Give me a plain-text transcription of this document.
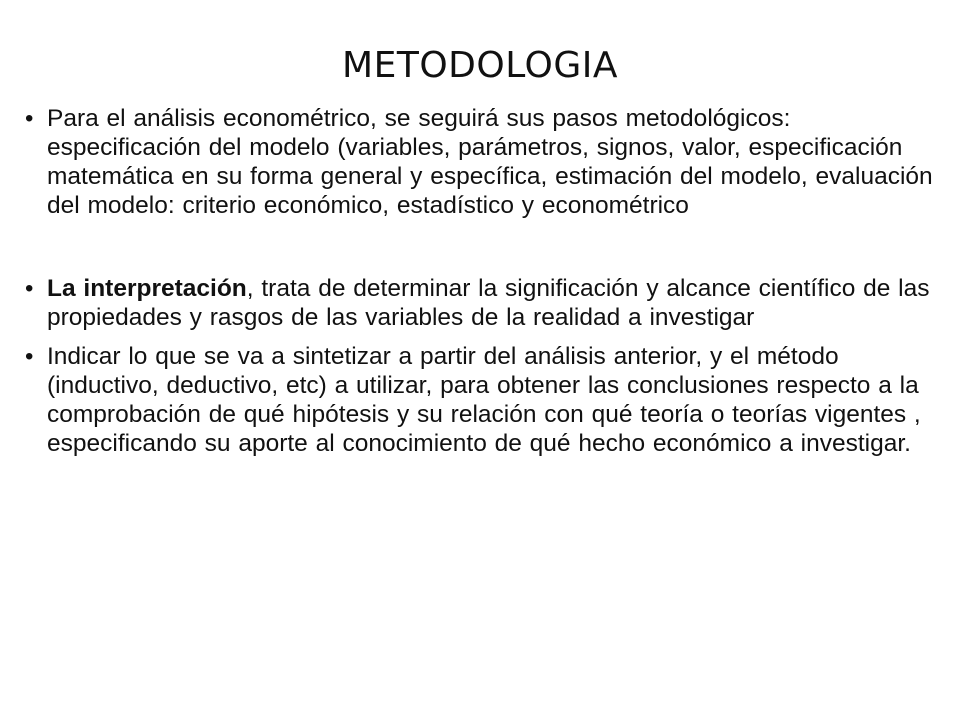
METODOLOGIA
• Para el análisis econométrico, se seguirá sus pasos metodológicos: especificación del modelo (variables, parámetros, signos, valor, especificación matemática en su forma general y específica, estimación del modelo, evaluación del modelo: criterio económico, estadístico y econométrico
• La interpretación, trata de determinar la significación y alcance científico de las propiedades y rasgos de las variables de la realidad a investigar
• Indicar lo que se va a sintetizar a partir del análisis anterior, y el método (inductivo, deductivo, etc) a utilizar, para obtener las conclusiones respecto a la comprobación de qué hipótesis y su relación con qué teoría o teorías vigentes , especificando su aporte al conocimiento de qué hecho económico a investigar.
